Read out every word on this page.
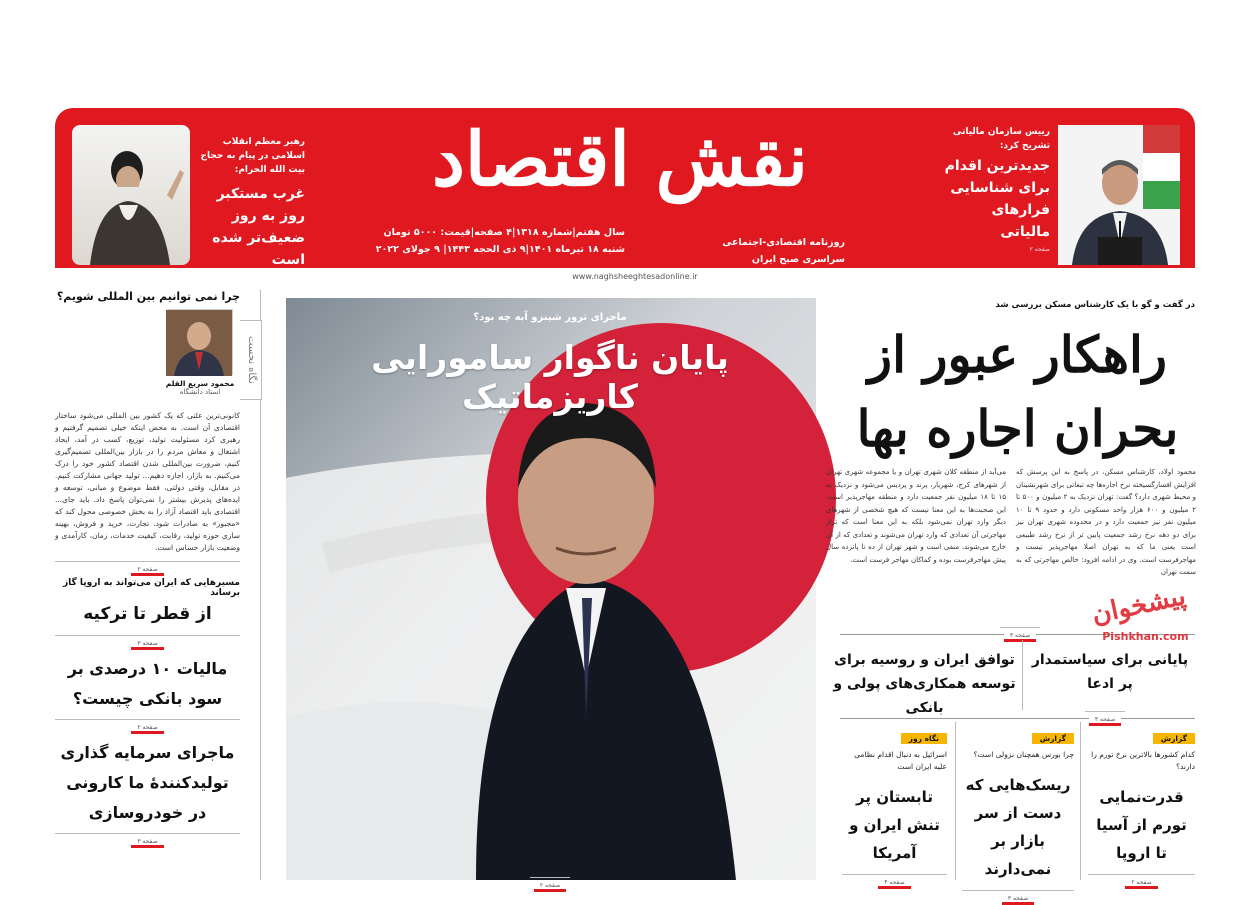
نقش اقتصاد
سال هفتم|شماره ۱۳۱۸|۴ صفحه|قیمت: ۵۰۰۰ تومان
شنبه ۱۸ تیرماه ۱۴۰۱|۹ ذی الحجه ۱۴۴۳| ۹ جولای ۲۰۲۲
روزنامه اقتصادی-اجتماعی
سراسری صبح ایران
www.naghsheeghtesadonline.ir
رهبر معظم انقلاب اسلامی در پیام به حجاج بیت الله الحرام:
غرب مستکبر روز به روز ضعیف‌تر شده است
صفحه ۲
رییس سازمان مالیاتی تشریح کرد:
جدیدترین اقدام برای شناسایی فرارهای مالیاتی
صفحه ۲
نگاه نخست
چرا نمی توانیم بین المللی شویم؟
محمود سریع القلم
استاد دانشگاه
کانونی‌ترین علتی که یک کشور بین المللی می‌شود ساختار اقتصادی آن است. به محض اینکه خیلی تصمیم گرفتیم و رهبری کرد مسئولیت تولید، توزیع، کسب در آمد، ایجاد اشتغال و معاش مردم را در بازار بین‌المللی تصمیم‌گیری کنیم، ضرورت بین‌المللی شدن اقتصاد کشور خود را درک می‌کنیم. به بازار، اجازه دهیم... تولید جهانی مشارکت کنیم. در مقابل، وقتی دولتی، فقط موضوع و مبانی، توسعه و ایده‌های پذیرش بیشتر را نمی‌توان پاسخ داد. باید جای... اقتصادی باید اقتصاد آزاد را به بخش خصوصی محول کند که «مجبور» به صادرات شود. تجارت، خرید و فروش، بهینه سازی حوزه تولید، رقابت، کیفیت خدمات، زمان، کارآمدی و وضعیت بازار حساس است.
صفحه ۲
مسیرهایی که ایران می‌تواند به اروپا گاز برساند
از قطر تا ترکیه
صفحه ۳
مالیات ۱۰ درصدی بر سود بانکی چیست؟
صفحه ۲
ماجرای سرمایه گذاری تولیدکنندهٔ ما کارونی در خودروسازی
صفحه ۳
ماجرای ترور شینزو آبه چه بود؟
پایان ناگوار سامورایی کاریزماتیک
صفحه ۲
در گفت و گو با یک کارشناس مسکن بررسی شد
راهکار عبور از بحران اجاره بها
محمود اولاد، کارشناس مسکن، در پاسخ به این پرسش که افزایش افسارگسیخته نرخ اجاره‌ها چه تبعاتی برای شهرنشینان و محیط شهری دارد؟ گفت: تهران نزدیک به ۲ میلیون و ۵۰۰ تا ۲ میلیون و ۶۰۰ هزار واحد مسکونی دارد و حدود ۹ تا ۱۰ میلیون نفر نیز جمعیت دارد و در محدوده شهری تهران نیز برای دو دهه نرخ رشد جمعیت پایین تر از نرخ رشد طبیعی است یعنی ما که به تهران اصلا مهاجرپذیر نیست و مهاجرفرست است. وی در ادامه افزود: خالص مهاجرتی که به سمت تهران
می‌آید از منطقه کلان شهری تهران و یا مجموعه شهری تهران از شهرهای کرج، شهریار، پرند و پردیس می‌شود و نزدیک به ۱۵ تا ۱۸ میلیون نفر جمعیت دارد و منطقه مهاجرپذیر است. این صحبت‌ها به این معنا نیست که هیچ شخصی از شهرهای دیگر وارد تهران نمی‌شود بلکه به این معنا است که تراز مهاجرتی آن تعدادی که وارد تهران می‌شوند و تعدادی که از آن خارج می‌شوند، منفی است و شهر تهران از ده تا پانزده سال پیش مهاجرفرست بوده و کماکان مهاجر فرست است.
صفحه ۳
توافق ایران و روسیه برای توسعه همکاری‌های پولی و بانکی
پایانی برای سیاستمدار پر ادعا
صفحه ۴
نگاه روز
اسرائیل به دنبال اقدام نظامی علیه ایران است
تابستان پر تنش ایران و آمریکا
صفحه ۴
گزارش
چرا بورس همچنان نزولی است؟
ریسک‌هایی که دست از سر بازار بر نمی‌دارند
صفحه ۳
گزارش
کدام کشورها بالاترین نرخ تورم را دارند؟
قدرت‌نمایی تورم از آسیا تا اروپا
صفحه ۲
پیشخوان
Pishkhan.com
